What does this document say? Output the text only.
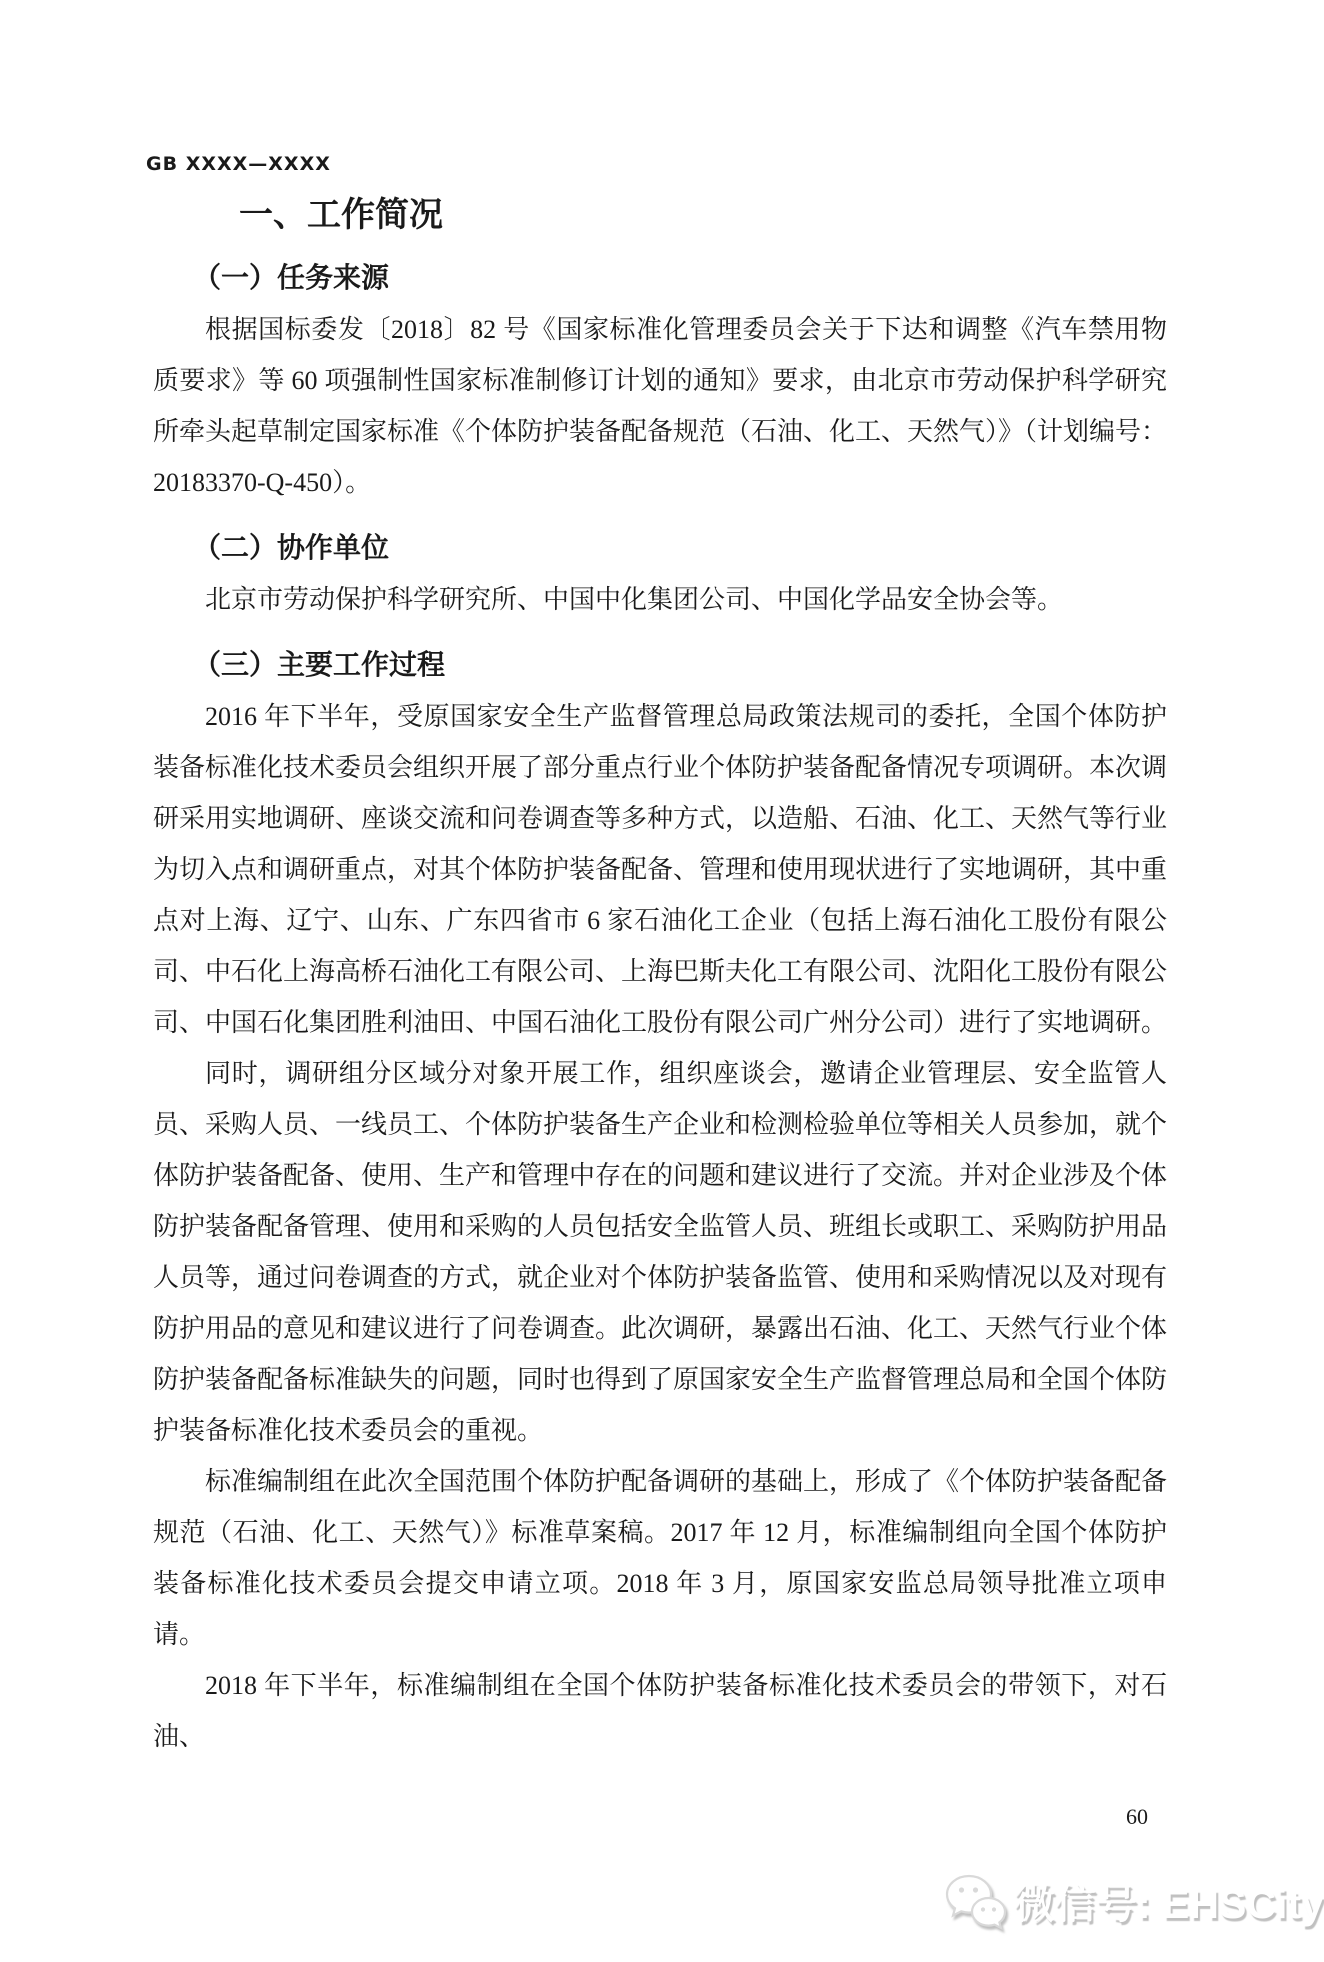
GB XXXX—XXXX
一、工作简况
（一）任务来源

根据国标委发〔2018〕82 号《国家标准化管理委员会关于下达和调整《汽车禁用物质要求》等 60 项强制性国家标准制修订计划的通知》要求，由北京市劳动保护科学研究所牵头起草制定国家标准《个体防护装备配备规范（石油、化工、天然气）》（计划编号：20183370-Q-450）。

（二）协作单位

北京市劳动保护科学研究所、中国中化集团公司、中国化学品安全协会等。

（三）主要工作过程

2016 年下半年，受原国家安全生产监督管理总局政策法规司的委托，全国个体防护装备标准化技术委员会组织开展了部分重点行业个体防护装备配备情况专项调研。本次调研采用实地调研、座谈交流和问卷调查等多种方式，以造船、石油、化工、天然气等行业为切入点和调研重点，对其个体防护装备配备、管理和使用现状进行了实地调研，其中重点对上海、辽宁、山东、广东四省市 6 家石油化工企业（包括上海石油化工股份有限公司、中石化上海高桥石油化工有限公司、上海巴斯夫化工有限公司、沈阳化工股份有限公司、中国石化集团胜利油田、中国石油化工股份有限公司广州分公司）进行了实地调研。

同时，调研组分区域分对象开展工作，组织座谈会，邀请企业管理层、安全监管人员、采购人员、一线员工、个体防护装备生产企业和检测检验单位等相关人员参加，就个体防护装备配备、使用、生产和管理中存在的问题和建议进行了交流。并对企业涉及个体防护装备配备管理、使用和采购的人员包括安全监管人员、班组长或职工、采购防护用品人员等，通过问卷调查的方式，就企业对个体防护装备监管、使用和采购情况以及对现有防护用品的意见和建议进行了问卷调查。此次调研，暴露出石油、化工、天然气行业个体防护装备配备标准缺失的问题，同时也得到了原国家安全生产监督管理总局和全国个体防护装备标准化技术委员会的重视。

标准编制组在此次全国范围个体防护配备调研的基础上，形成了《个体防护装备配备规范（石油、化工、天然气）》标准草案稿。2017 年 12 月，标准编制组向全国个体防护装备标准化技术委员会提交申请立项。2018 年 3 月，原国家安监总局领导批准立项申请。

2018 年下半年，标准编制组在全国个体防护装备标准化技术委员会的带领下，对石油、

60
微信号: EHSCity
